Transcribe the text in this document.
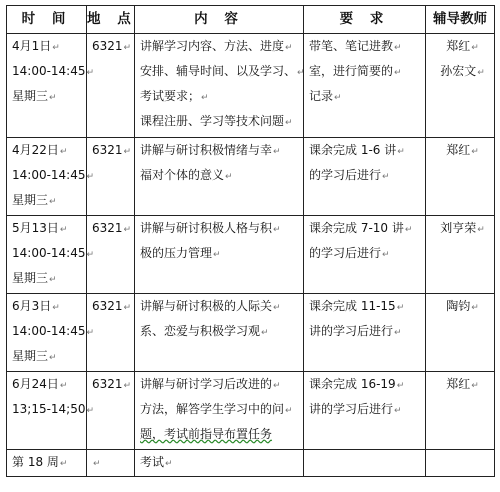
时 间	地 点	内 容	要 求	辅导教师

4月1日↵
14:00-14:45↵
星期三↵	6321↵	讲解学习内容、方法、进度↵
安排、辅导时间、以及学习、↵
考试要求；↵
课程注册、学习等技术问题↵	带笔、笔记进教↵
室，进行简要的↵
记录↵	郑红↵
孙宏文↵

4月22日↵
14:00-14:45↵
星期三↵	6321↵	讲解与研讨积极情绪与幸↵
福对个体的意义↵	课余完成 1-6 讲↵
的学习后进行↵	郑红↵

5月13日↵
14:00-14:45↵
星期三↵	6321↵	讲解与研讨积极人格与积↵
极的压力管理↵	课余完成 7-10 讲↵
的学习后进行↵	刘亨荣↵

6月3日↵
14:00-14:45↵
星期三↵	6321↵	讲解与研讨积极的人际关↵
系、恋爱与积极学习观↵	课余完成 11-15↵
讲的学习后进行↵	陶钧↵

6月24日↵
13;15-14;50↵	6321↵	讲解与研讨学习后改进的↵
方法，解答学生学习中的问↵
题，考试前指导布置任务	课余完成 16-19↵
讲的学习后进行↵	郑红↵

第 18 周↵	↵	考试↵		
